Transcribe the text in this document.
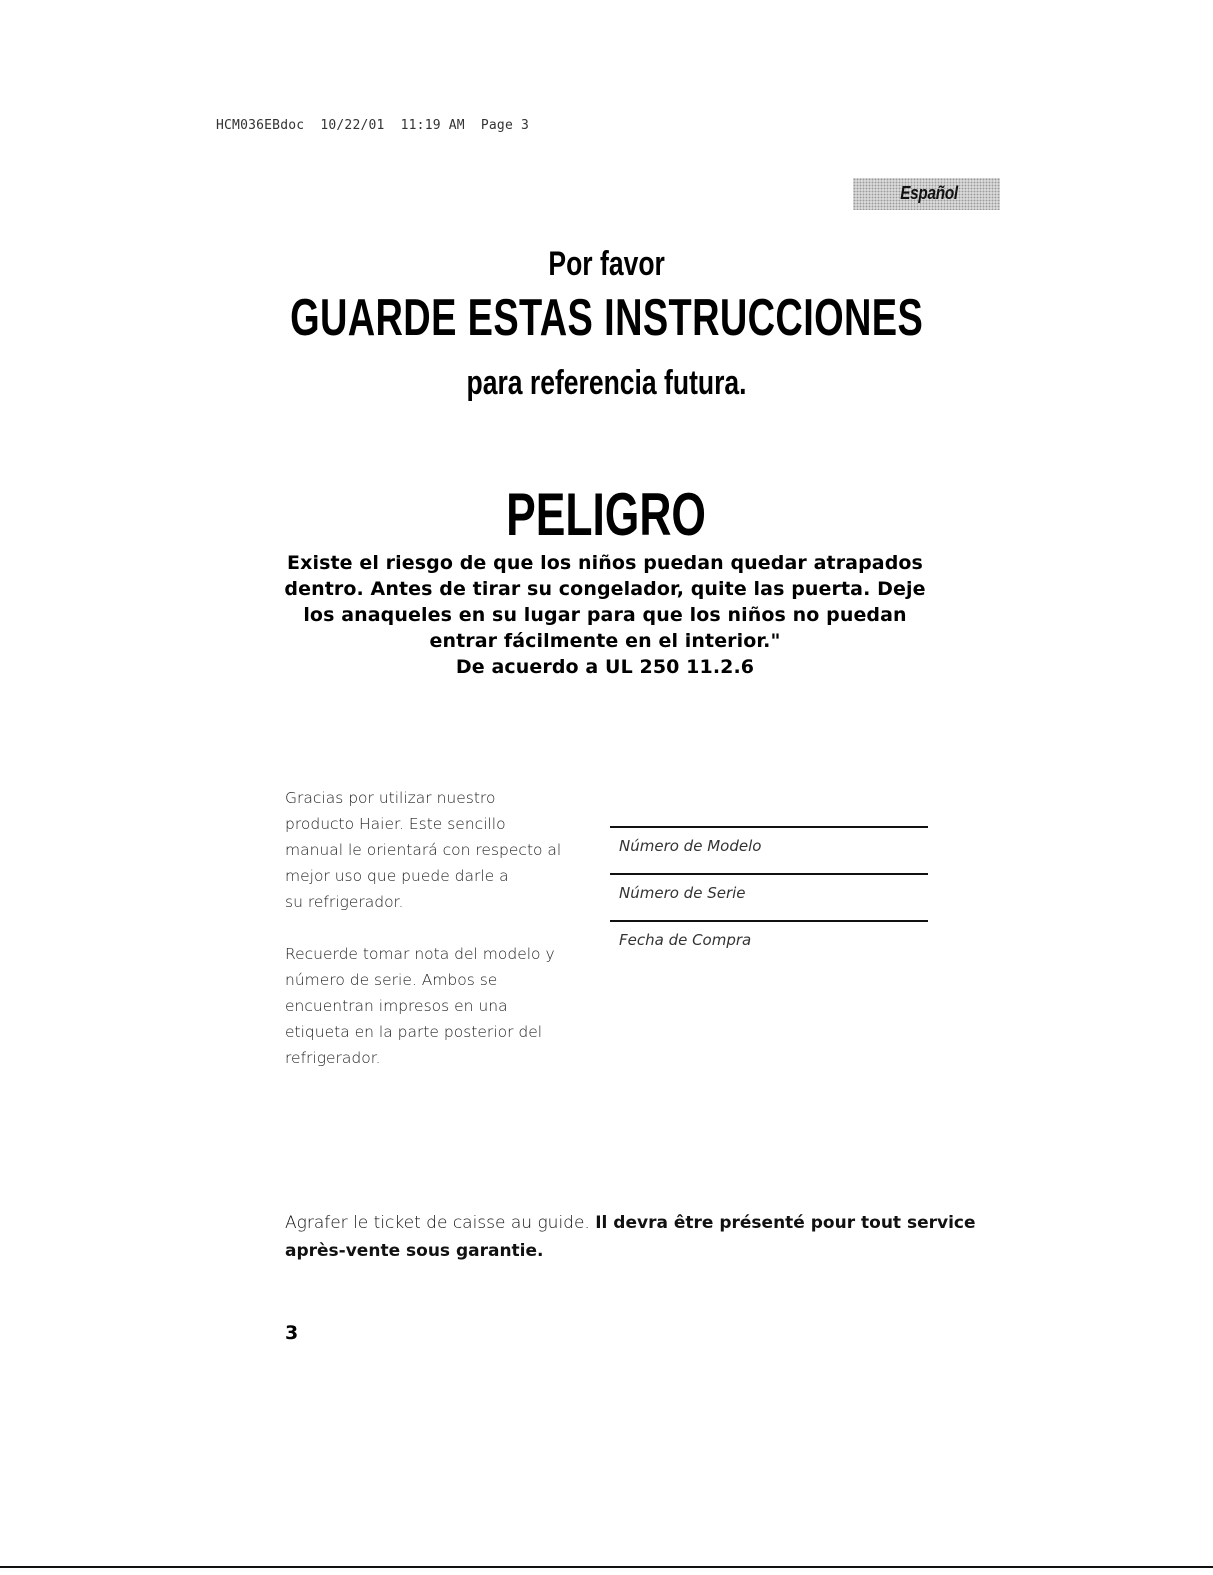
HCM036EBdoc  10/22/01  11:19 AM  Page 3
Español
Por favor
GUARDE ESTAS INSTRUCCIONES
para referencia futura.
PELIGRO
Existe el riesgo de que los niños puedan quedar atrapados
dentro. Antes de tirar su congelador, quite las puerta. Deje
los anaqueles en su lugar para que los niños no puedan
entrar fácilmente en el interior."
De acuerdo a UL 250 11.2.6

Gracias por utilizar nuestro
producto Haier. Este sencillo
manual le orientará con respecto al
mejor uso que puede darle a
su refrigerador.

Recuerde tomar nota del modelo y
número de serie. Ambos se
encuentran impresos en una
etiqueta en la parte posterior del
refrigerador.

Número de Modelo
Número de Serie
Fecha de Compra
Agrafer le ticket de caisse au guide. Il devra être présenté pour tout service après-vente sous garantie.
3
